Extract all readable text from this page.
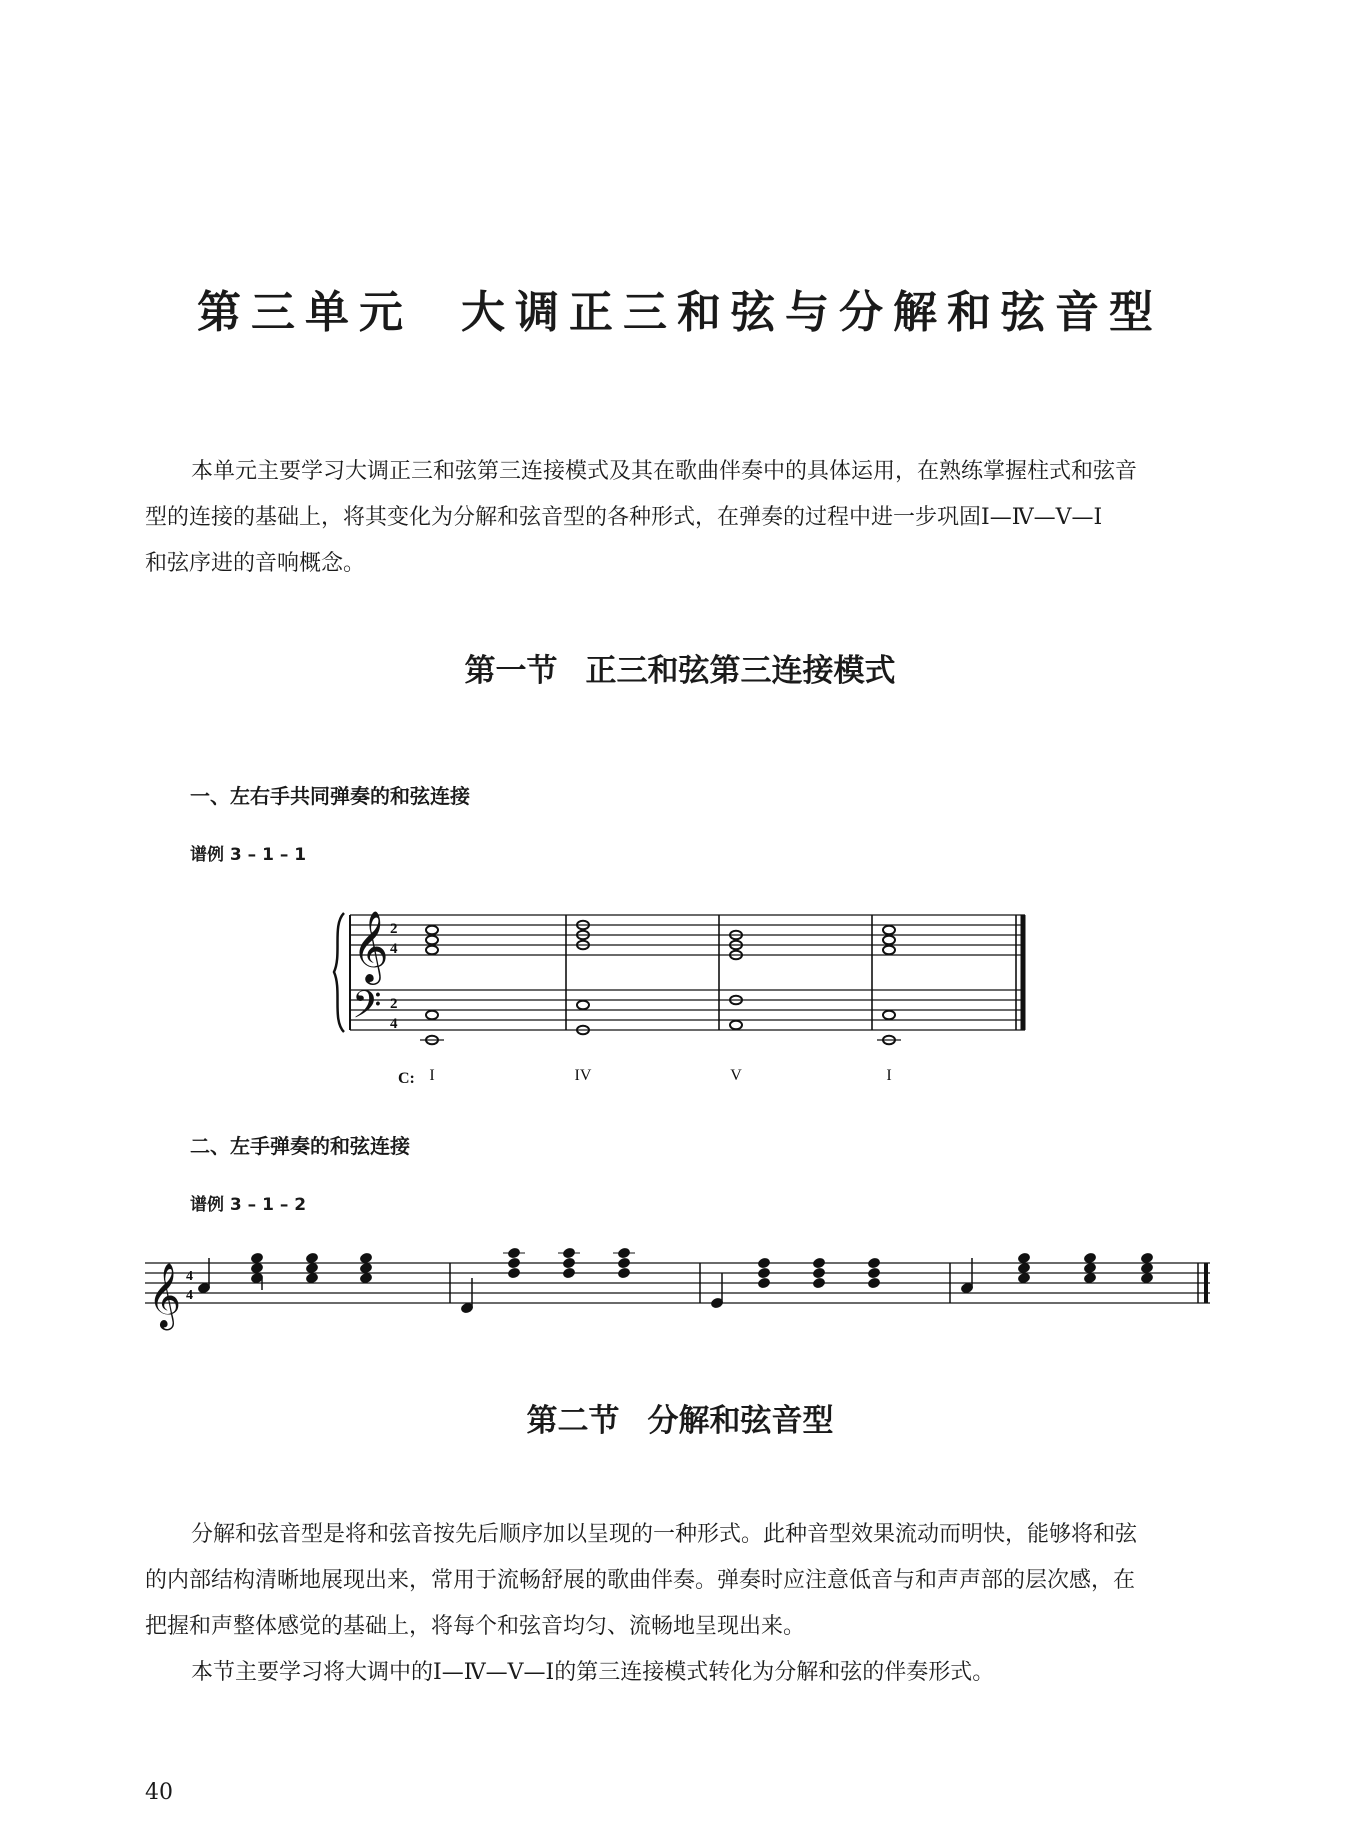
第三单元 大调正三和弦与分解和弦音型

本单元主要学习大调正三和弦第三连接模式及其在歌曲伴奏中的具体运用，在熟练掌握柱式和弦音
型的连接的基础上，将其变化为分解和弦音型的各种形式，在弹奏的过程中进一步巩固Ⅰ—Ⅳ—Ⅴ—Ⅰ
和弦序进的音响概念。

第一节 正三和弦第三连接模式
一、左右手共同弹奏的和弦连接
谱例 3 – 1 – 1
二、左手弹奏的和弦连接
谱例 3 – 1 – 2
第二节 分解和弦音型

分解和弦音型是将和弦音按先后顺序加以呈现的一种形式。此种音型效果流动而明快，能够将和弦
的内部结构清晰地展现出来，常用于流畅舒展的歌曲伴奏。弹奏时应注意低音与和声声部的层次感，在
把握和声整体感觉的基础上，将每个和弦音均匀、流畅地呈现出来。
本节主要学习将大调中的Ⅰ—Ⅳ—Ⅴ—Ⅰ的第三连接模式转化为分解和弦的伴奏形式。

40
𝄞
𝄢
2
4
2
4
C: I	IV	V	I
𝄞 4
4
